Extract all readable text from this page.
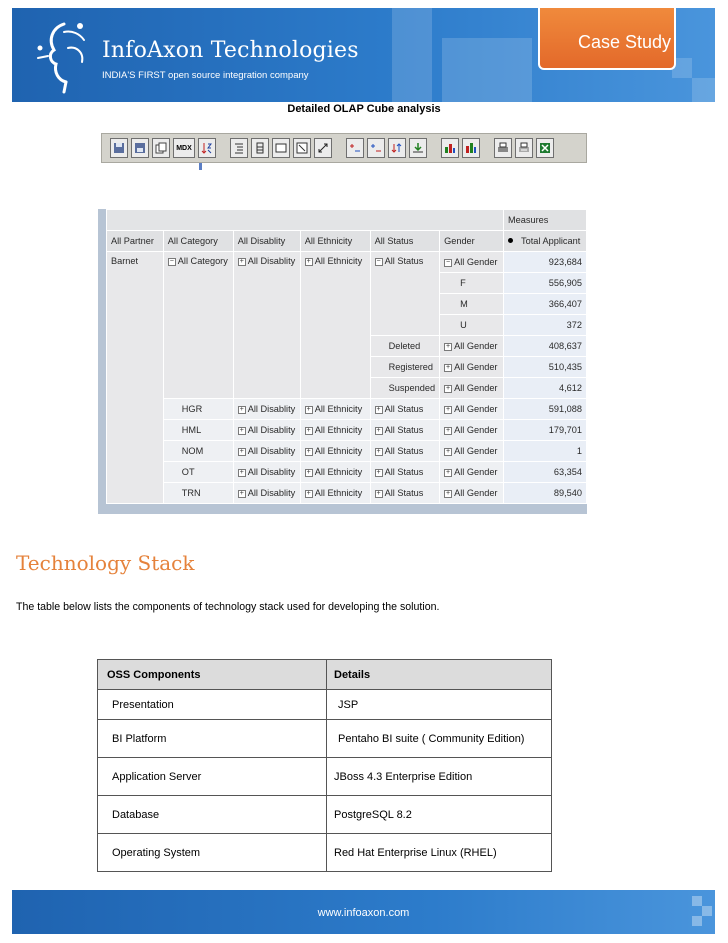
InfoAxon Technologies
INDIA'S FIRST open source integration company
Case Study
Detailed OLAP Cube analysis
MDX
						Measures
All Partner	All Category	All Disablity	All Ethnicity	All Status	Gender	Total Applicant
Barnet	− All Category	+ All Disablity	+ All Ethnicity	− All Status	− All Gender	923,684
					F	556,905
					M	366,407
					U	372
				Deleted	+ All Gender	408,637
				Registered	+ All Gender	510,435
				Suspended	+ All Gender	4,612
	HGR	+ All Disablity	+ All Ethnicity	+ All Status	+ All Gender	591,088
	HML	+ All Disablity	+ All Ethnicity	+ All Status	+ All Gender	179,701
	NOM	+ All Disablity	+ All Ethnicity	+ All Status	+ All Gender	1
	OT	+ All Disablity	+ All Ethnicity	+ All Status	+ All Gender	63,354
	TRN	+ All Disablity	+ All Ethnicity	+ All Status	+ All Gender	89,540
Technology Stack
The table below lists the components of technology stack used for developing the solution.
OSS Components	Details
Presentation	JSP
BI Platform	Pentaho BI suite ( Community Edition)
Application Server	JBoss 4.3 Enterprise Edition
Database	PostgreSQL 8.2
Operating System	Red Hat Enterprise Linux (RHEL)
www.infoaxon.com
